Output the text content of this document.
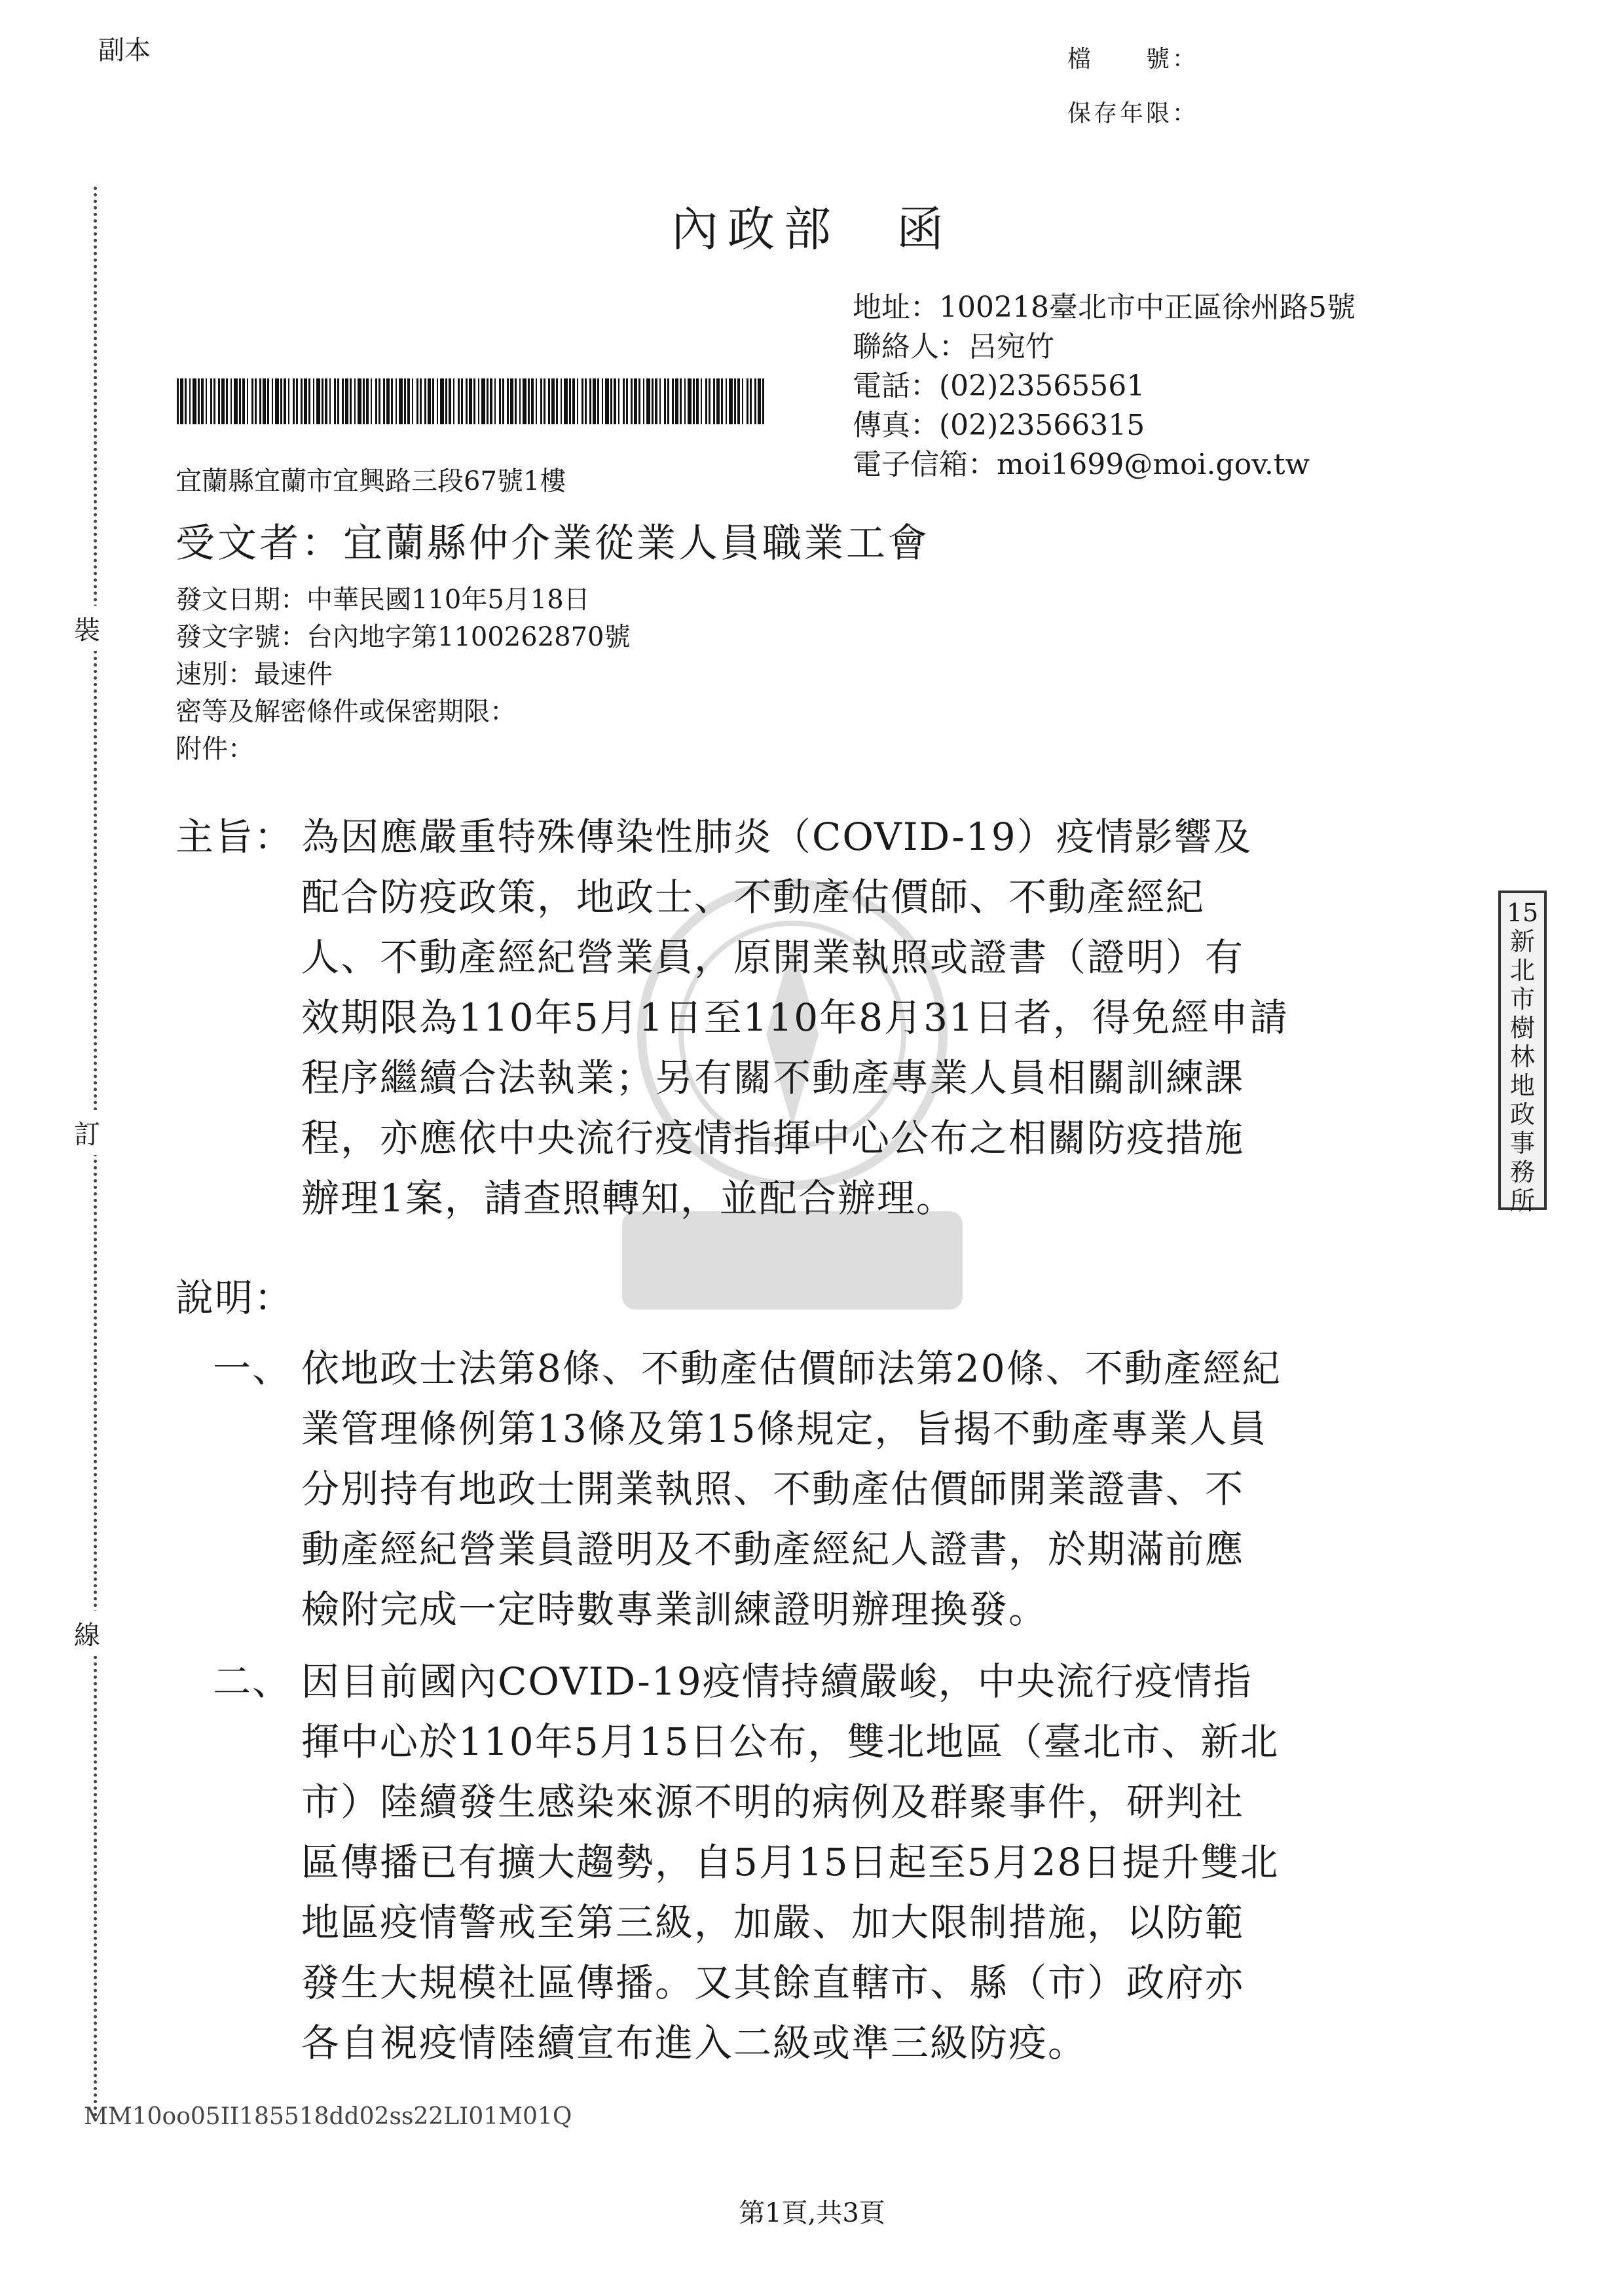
副本	檔　　號：
保存年限：
內政部　函
地址：100218臺北市中正區徐州路5號
聯絡人：呂宛竹
電話：(02)23565561
傳真：(02)23566315
電子信箱：moi1699@moi.gov.tw
宜蘭縣宜蘭市宜興路三段67號1樓
受文者：宜蘭縣仲介業從業人員職業工會
發文日期：中華民國110年5月18日
發文字號：台內地字第1100262870號
速別：最速件
密等及解密條件或保密期限：
附件：
主旨： 為因應嚴重特殊傳染性肺炎（COVID-19）疫情影響及
配合防疫政策，地政士、不動產估價師、不動產經紀
人、不動產經紀營業員，原開業執照或證書（證明）有
效期限為110年5月1日至110年8月31日者，得免經申請
程序繼續合法執業；另有關不動產專業人員相關訓練課
程，亦應依中央流行疫情指揮中心公布之相關防疫措施
辦理1案，請查照轉知，並配合辦理。
說明：
一、 依地政士法第8條、不動產估價師法第20條、不動產經紀
業管理條例第13條及第15條規定，旨揭不動產專業人員
分別持有地政士開業執照、不動產估價師開業證書、不
動產經紀營業員證明及不動產經紀人證書，於期滿前應
檢附完成一定時數專業訓練證明辦理換發。
二、 因目前國內COVID-19疫情持續嚴峻，中央流行疫情指
揮中心於110年5月15日公布，雙北地區（臺北市、新北
市）陸續發生感染來源不明的病例及群聚事件，研判社
區傳播已有擴大趨勢，自5月15日起至5月28日提升雙北
地區疫情警戒至第三級，加嚴、加大限制措施，以防範
發生大規模社區傳播。又其餘直轄市、縣（市）政府亦
各自視疫情陸續宣布進入二級或準三級防疫。
裝
訂
線
15新北市樹林地政事務所
MM10oo05II185518dd02ss22LI01M01Q
第1頁,共3頁
